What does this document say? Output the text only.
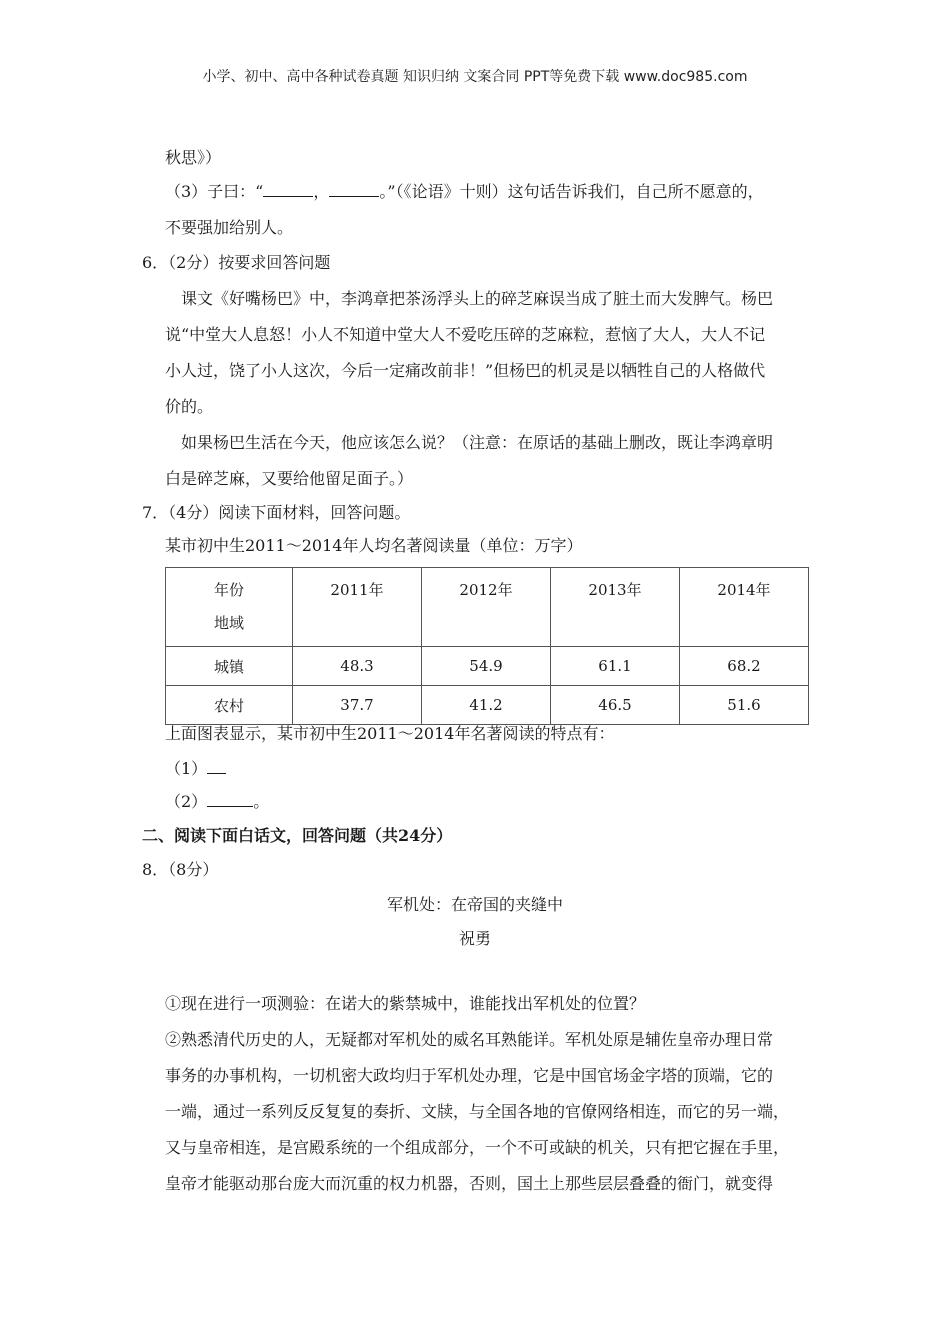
小学、初中、高中各种试卷真题 知识归纳 文案合同 PPT等免费下载 www.doc985.com
秋思》）
（3）子曰：“	，	。”（《论语》十则）这句话告诉我们，自己所不愿意的，
不要强加给别人。
6．（2分）按要求回答问题
课文《好嘴杨巴》中，李鸿章把茶汤浮头上的碎芝麻误当成了脏土而大发脾气。杨巴
说“中堂大人息怒！小人不知道中堂大人不爱吃压碎的芝麻粒，惹恼了大人，大人不记
小人过，饶了小人这次，今后一定痛改前非！”但杨巴的机灵是以牺牲自己的人格做代
价的。
如果杨巴生活在今天，他应该怎么说？（注意：在原话的基础上删改，既让李鸿章明
白是碎芝麻，又要给他留足面子。）
7．（4分）阅读下面材料，回答问题。
某市初中生2011～2014年人均名著阅读量（单位：万字）
年份
地域	2011年	2012年	2013年	2014年
城镇	48.3	54.9	61.1	68.2
农村	37.7	41.2	46.5	51.6
上面图表显示，某市初中生2011～2014年名著阅读的特点有：
（1）
（2）	。
二、阅读下面白话文，回答问题（共24分）
8．（8分）
军机处：在帝国的夹缝中
祝勇
①现在进行一项测验：在诺大的紫禁城中，谁能找出军机处的位置？
②熟悉清代历史的人，无疑都对军机处的威名耳熟能详。军机处原是辅佐皇帝办理日常
事务的办事机构，一切机密大政均归于军机处办理，它是中国官场金字塔的顶端，它的
一端，通过一系列反反复复的奏折、文牍，与全国各地的官僚网络相连，而它的另一端，
又与皇帝相连，是宫殿系统的一个组成部分，一个不可或缺的机关，只有把它握在手里，
皇帝才能驱动那台庞大而沉重的权力机器，否则，国土上那些层层叠叠的衙门，就变得
